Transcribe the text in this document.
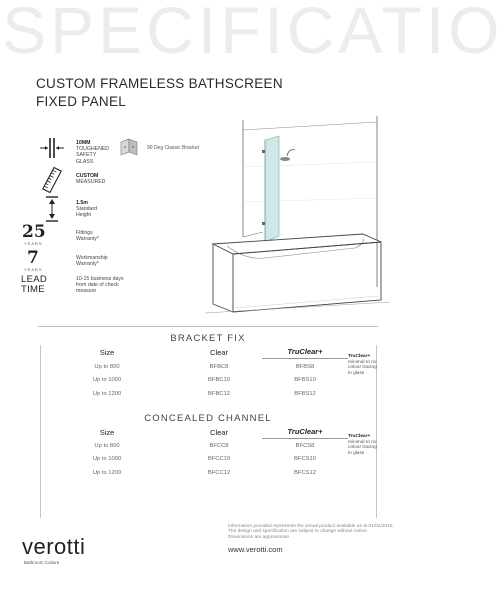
SPECIFICATIO
CUSTOM FRAMELESS BATHSCREEN
FIXED PANEL
10MM
TOUGHENED
SAFETY
GLASS
CUSTOM
MEASURED
1.5m
Standard
Height
25
YEARS
Fittings
Warranty*
7
YEARS
Workmanship
Warranty*
LEAD
TIME
10-15 business days
from date of check
measure
90 Deg Classic Bracket
BRACKET FIX
Size	Clear	TruClear+
Up to 800	BFBC8	BFBS8
Up to 1000	BFBC10	BFBS10
Up to 1200	BFBC12	BFBS12
TruClear+
minimal to no
colour tracing
in glass
CONCEALED CHANNEL
Size	Clear	TruClear+
Up to 800	BFCC8	BFCS8
Up to 1000	BFCC10	BFCS10
Up to 1200	BFCC12	BFCS12
TruClear+
minimal to no
colour tracing
in glass
verotti
Bathroom Culture
Information provided represents the actual product available as at 01/01/2015.
The design and specification are subject to change without notice.
Dimensions are approximate
www.verotti.com
